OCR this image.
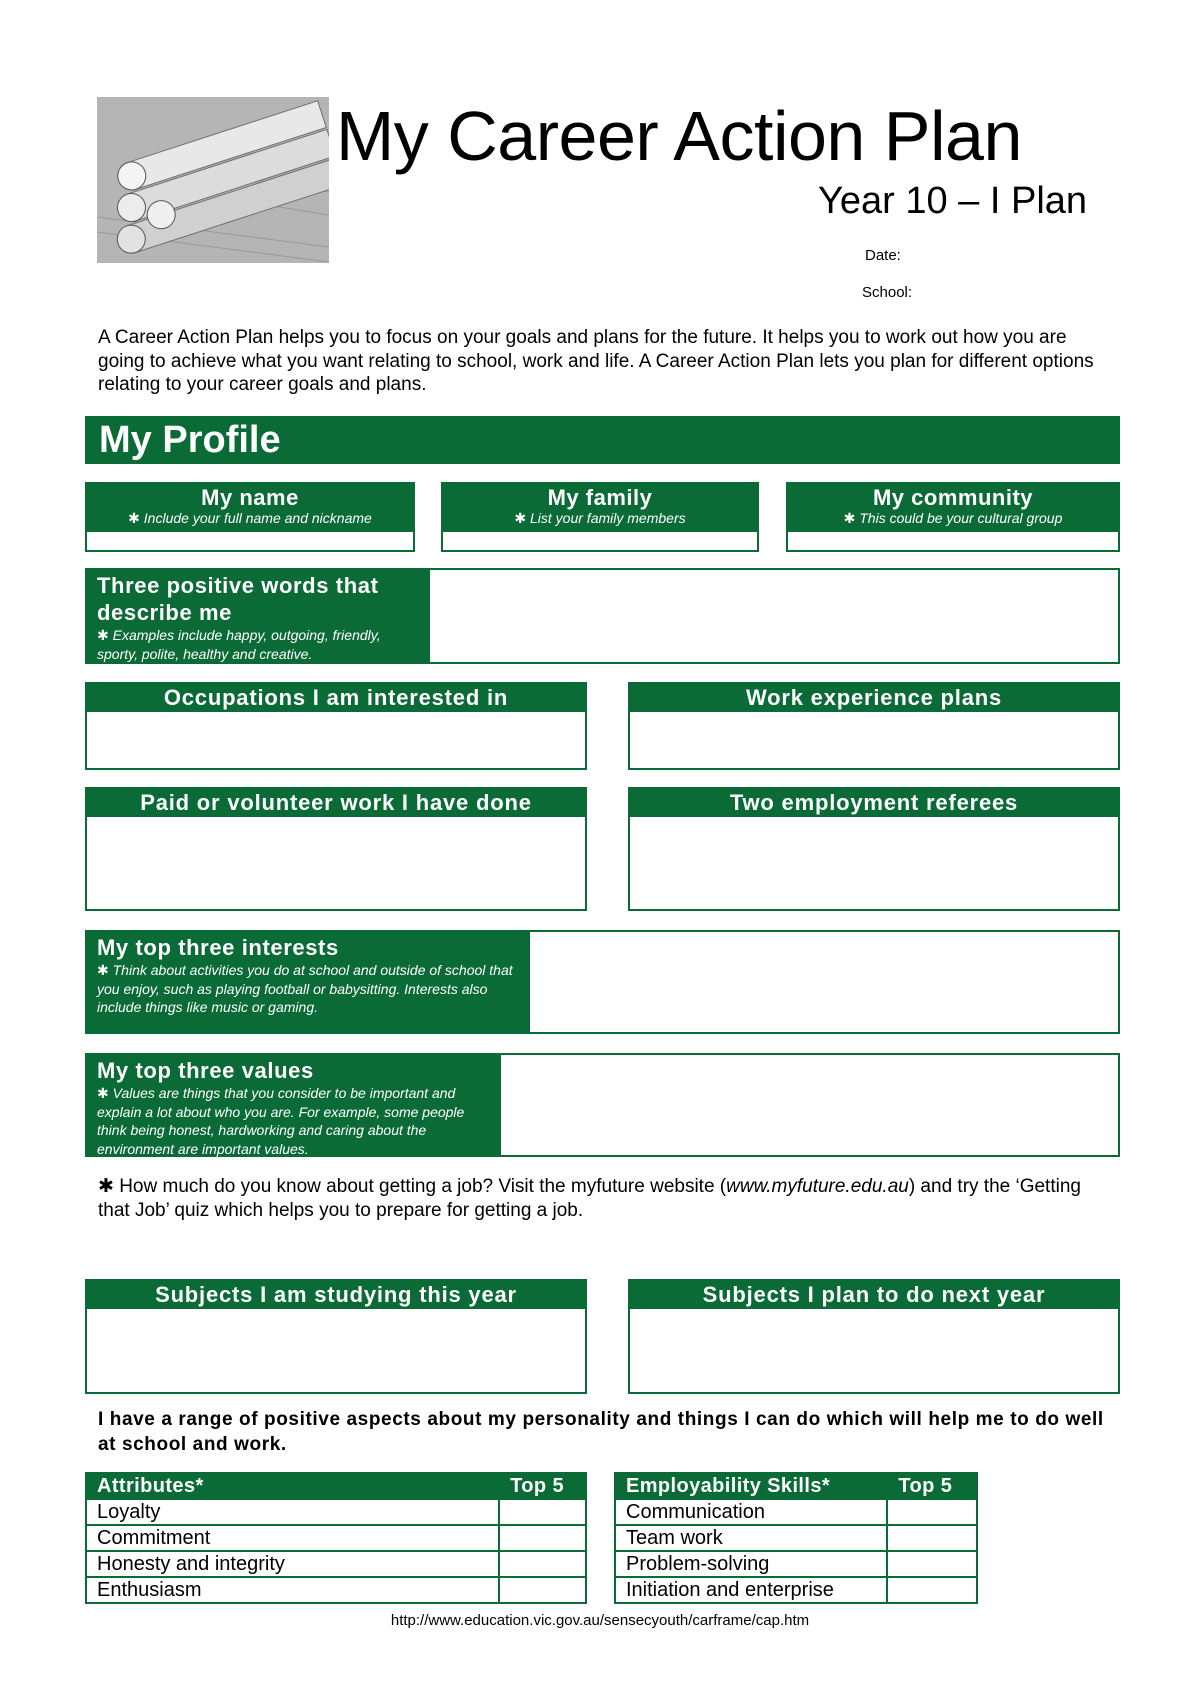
My Career Action Plan
Year 10 – I Plan
Date:
School:
A Career Action Plan helps you to focus on your goals and plans for the future. It helps you to work out how you are going to achieve what you want relating to school, work and life. A Career Action Plan lets you plan for different options relating to your career goals and plans.
My Profile
My name
✱ Include your full name and nickname
My family
✱ List your family members
My community
✱ This could be your cultural group
Three positive words that describe me
✱ Examples include happy, outgoing, friendly, sporty, polite, healthy and creative.
Occupations I am interested in	Work experience plans
Paid or volunteer work I have done	Two employment referees
My top three interests
✱ Think about activities you do at school and outside of school that you enjoy, such as playing football or babysitting. Interests also include things like music or gaming.
My top three values
✱ Values are things that you consider to be important and explain a lot about who you are. For example, some people think being honest, hardworking and caring about the environment are important values.
✱ How much do you know about getting a job? Visit the myfuture website (www.myfuture.edu.au) and try the ‘Getting that Job’ quiz which helps you to prepare for getting a job.
Subjects I am studying this year	Subjects I plan to do next year
I have a range of positive aspects about my personality and things I can do which will help me to do well at school and work.
Attributes*	Top 5
Loyalty	
Commitment	
Honesty and integrity	
Enthusiasm	
Employability Skills*	Top 5
Communication	
Team work	
Problem-solving	
Initiation and enterprise	
http://www.education.vic.gov.au/sensecyouth/carframe/cap.htm
